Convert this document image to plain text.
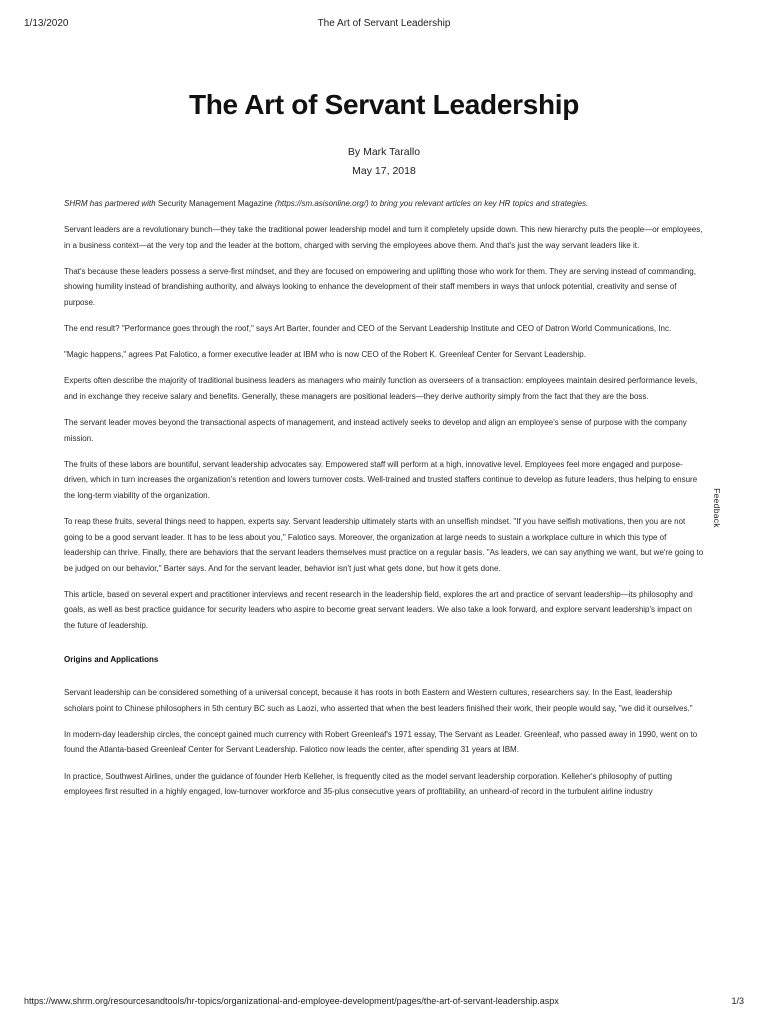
1/13/2020	The Art of Servant Leadership
The Art of Servant Leadership
By Mark Tarallo
May 17, 2018

SHRM has partnered with Security Management Magazine (https://sm.asisonline.org/) to bring you relevant articles on key HR topics and strategies.

Servant leaders are a revolutionary bunch—they take the traditional power leadership model and turn it completely upside down. This new hierarchy puts the people—or employees, in a business context—at the very top and the leader at the bottom, charged with serving the employees above them. And that's just the way servant leaders like it.

That's because these leaders possess a serve-first mindset, and they are focused on empowering and uplifting those who work for them. They are serving instead of commanding, showing humility instead of brandishing authority, and always looking to enhance the development of their staff members in ways that unlock potential, creativity and sense of purpose.

The end result? "Performance goes through the roof," says Art Barter, founder and CEO of the Servant Leadership Institute and CEO of Datron World Communications, Inc.

"Magic happens," agrees Pat Falotico, a former executive leader at IBM who is now CEO of the Robert K. Greenleaf Center for Servant Leadership.

Experts often describe the majority of traditional business leaders as managers who mainly function as overseers of a transaction: employees maintain desired performance levels, and in exchange they receive salary and benefits. Generally, these managers are positional leaders—they derive authority simply from the fact that they are the boss.

The servant leader moves beyond the transactional aspects of management, and instead actively seeks to develop and align an employee's sense of purpose with the company mission.

The fruits of these labors are bountiful, servant leadership advocates say. Empowered staff will perform at a high, innovative level. Employees feel more engaged and purpose-driven, which in turn increases the organization's retention and lowers turnover costs. Well-trained and trusted staffers continue to develop as future leaders, thus helping to ensure the long-term viability of the organization.

To reap these fruits, several things need to happen, experts say. Servant leadership ultimately starts with an unselfish mindset. "If you have selfish motivations, then you are not going to be a good servant leader. It has to be less about you," Falotico says. Moreover, the organization at large needs to sustain a workplace culture in which this type of leadership can thrive. Finally, there are behaviors that the servant leaders themselves must practice on a regular basis. "As leaders, we can say anything we want, but we're going to be judged on our behavior," Barter says. And for the servant leader, behavior isn't just what gets done, but how it gets done.

This article, based on several expert and practitioner interviews and recent research in the leadership field, explores the art and practice of servant leadership—its philosophy and goals, as well as best practice guidance for security leaders who aspire to become great servant leaders. We also take a look forward, and explore servant leadership's impact on the future of leadership.

Origins and Applications

Servant leadership can be considered something of a universal concept, because it has roots in both Eastern and Western cultures, researchers say. In the East, leadership scholars point to Chinese philosophers in 5th century BC such as Laozi, who asserted that when the best leaders finished their work, their people would say, "we did it ourselves."

In modern-day leadership circles, the concept gained much currency with Robert Greenleaf's 1971 essay, The Servant as Leader. Greenleaf, who passed away in 1990, went on to found the Atlanta-based Greenleaf Center for Servant Leadership. Falotico now leads the center, after spending 31 years at IBM.

In practice, Southwest Airlines, under the guidance of founder Herb Kelleher, is frequently cited as the model servant leadership corporation. Kelleher's philosophy of putting employees first resulted in a highly engaged, low-turnover workforce and 35-plus consecutive years of profitability, an unheard-of record in the turbulent airline industry

Feedback
https://www.shrm.org/resourcesandtools/hr-topics/organizational-and-employee-development/pages/the-art-of-servant-leadership.aspx	1/3
